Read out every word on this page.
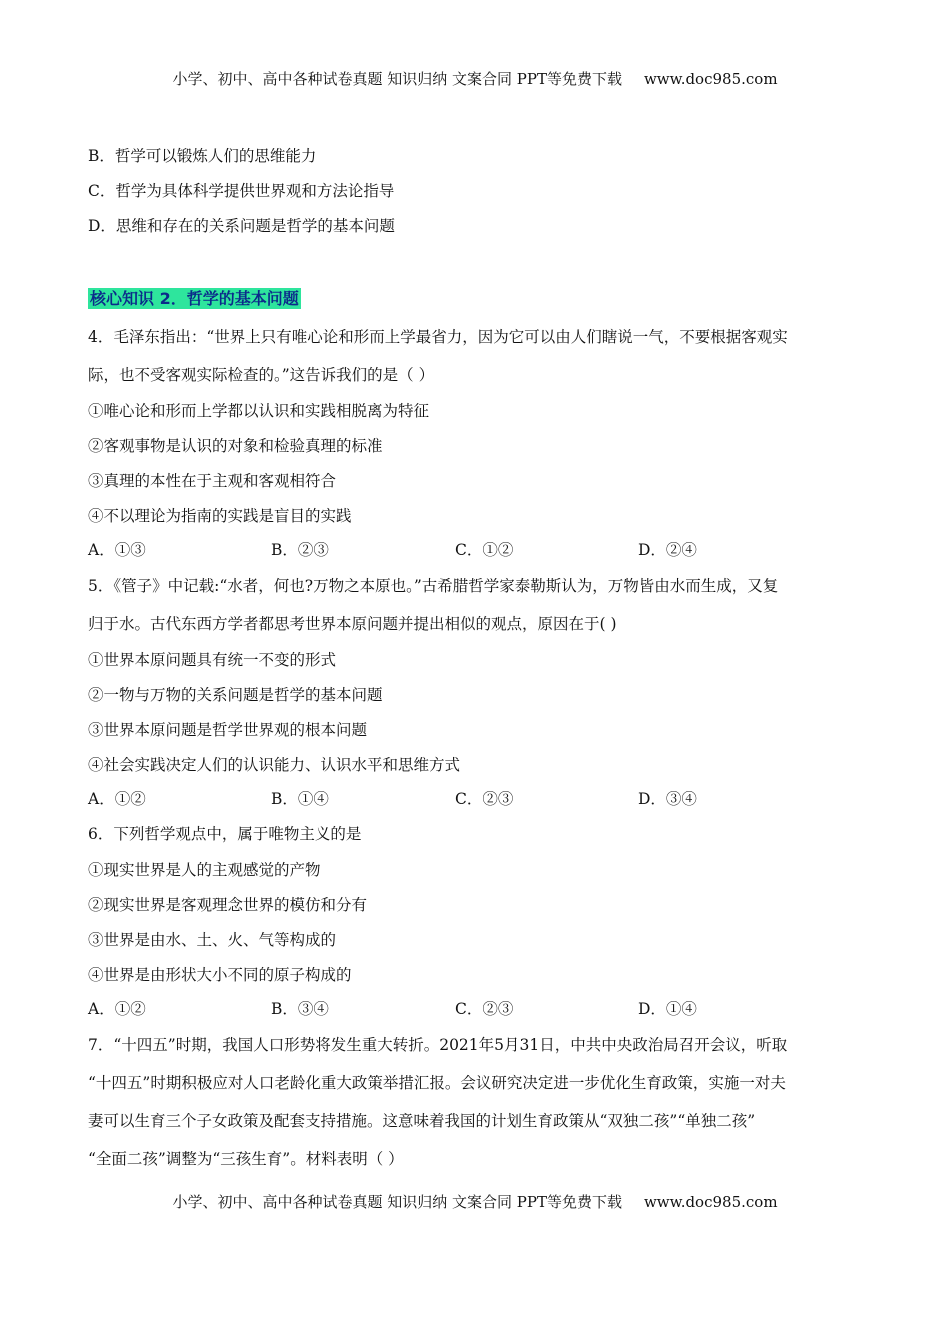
小学、初中、高中各种试卷真题 知识归纳 文案合同 PPT等免费下载 www.doc985.com
B．哲学可以锻炼人们的思维能力
C．哲学为具体科学提供世界观和方法论指导
D．思维和存在的关系问题是哲学的基本问题
核心知识 2．哲学的基本问题
4．毛泽东指出：“世界上只有唯心论和形而上学最省力，因为它可以由人们瞎说一气，不要根据客观实
际，也不受客观实际检查的。”这告诉我们的是（ ）
①唯心论和形而上学都以认识和实践相脱离为特征
②客观事物是认识的对象和检验真理的标准
③真理的本性在于主观和客观相符合
④不以理论为指南的实践是盲目的实践
A．①③	B．②③	C．①②	D．②④
5．《管子》中记载:“水者，何也?万物之本原也。”古希腊哲学家泰勒斯认为，万物皆由水而生成，又复
归于水。古代东西方学者都思考世界本原问题并提出相似的观点，原因在于( )
①世界本原问题具有统一不变的形式
②一物与万物的关系问题是哲学的基本问题
③世界本原问题是哲学世界观的根本问题
④社会实践决定人们的认识能力、认识水平和思维方式
A．①②	B．①④	C．②③	D．③④
6．下列哲学观点中，属于唯物主义的是
①现实世界是人的主观感觉的产物
②现实世界是客观理念世界的模仿和分有
③世界是由水、土、火、气等构成的
④世界是由形状大小不同的原子构成的
A．①②	B．③④	C．②③	D．①④
7．“十四五”时期，我国人口形势将发生重大转折。2021年5月31日，中共中央政治局召开会议，听取
“十四五”时期积极应对人口老龄化重大政策举措汇报。会议研究决定进一步优化生育政策，实施一对夫
妻可以生育三个子女政策及配套支持措施。这意味着我国的计划生育政策从“双独二孩”“单独二孩”
“全面二孩”调整为“三孩生育”。材料表明（ ）
小学、初中、高中各种试卷真题 知识归纳 文案合同 PPT等免费下载 www.doc985.com
